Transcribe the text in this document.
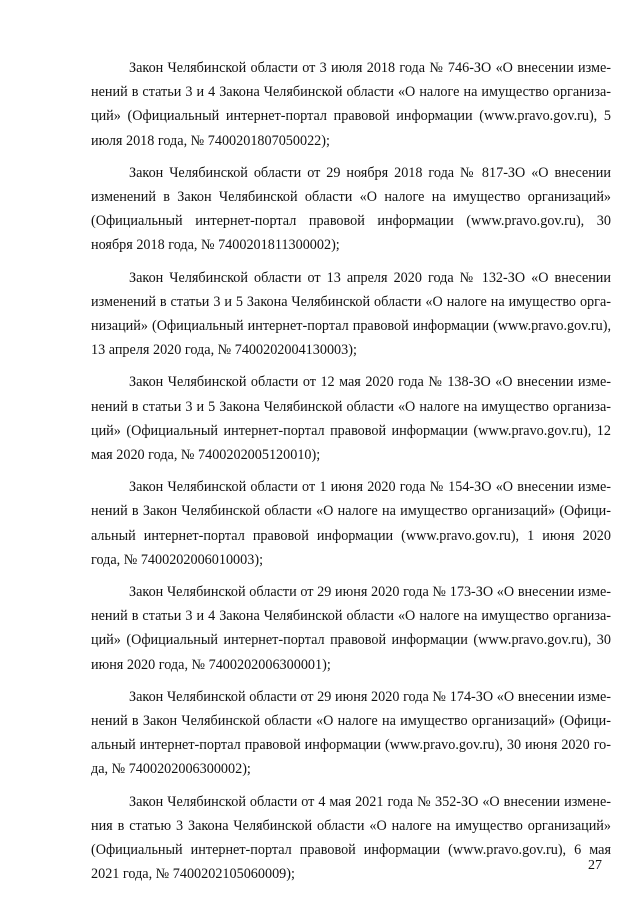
Закон Челябинской области от 3 июля 2018 года № 746-ЗО «О внесении изменений в статьи 3 и 4 Закона Челябинской области «О налоге на имущество организаций» (Официальный интернет-портал правовой информации (www.pravo.gov.ru), 5 июля 2018 года, № 7400201807050022);

Закон Челябинской области от 29 ноября 2018 года № 817-ЗО «О внесении изменений в Закон Челябинской области «О налоге на имущество организаций» (Официальный интернет-портал правовой информации (www.pravo.gov.ru), 30 ноября 2018 года, № 7400201811300002);

Закон Челябинской области от 13 апреля 2020 года № 132-ЗО «О внесении изменений в статьи 3 и 5 Закона Челябинской области «О налоге на имущество организаций» (Официальный интернет-портал правовой информации (www.pravo.gov.ru), 13 апреля 2020 года, № 7400202004130003);

Закон Челябинской области от 12 мая 2020 года № 138-ЗО «О внесении изменений в статьи 3 и 5 Закона Челябинской области «О налоге на имущество организаций» (Официальный интернет-портал правовой информации (www.pravo.gov.ru), 12 мая 2020 года, № 7400202005120010);

Закон Челябинской области от 1 июня 2020 года № 154-ЗО «О внесении изменений в Закон Челябинской области «О налоге на имущество организаций» (Официальный интернет-портал правовой информации (www.pravo.gov.ru), 1 июня 2020 года, № 7400202006010003);

Закон Челябинской области от 29 июня 2020 года № 173-ЗО «О внесении изменений в статьи 3 и 4 Закона Челябинской области «О налоге на имущество организаций» (Официальный интернет-портал правовой информации (www.pravo.gov.ru), 30 июня 2020 года, № 7400202006300001);

Закон Челябинской области от 29 июня 2020 года № 174-ЗО «О внесении изменений в Закон Челябинской области «О налоге на имущество организаций» (Официальный интернет-портал правовой информации (www.pravo.gov.ru), 30 июня 2020 года, № 7400202006300002);

Закон Челябинской области от 4 мая 2021 года № 352-ЗО «О внесении изменения в статью 3 Закона Челябинской области «О налоге на имущество организаций» (Официальный интернет-портал правовой информации (www.pravo.gov.ru), 6 мая 2021 года, № 7400202105060009);

27
